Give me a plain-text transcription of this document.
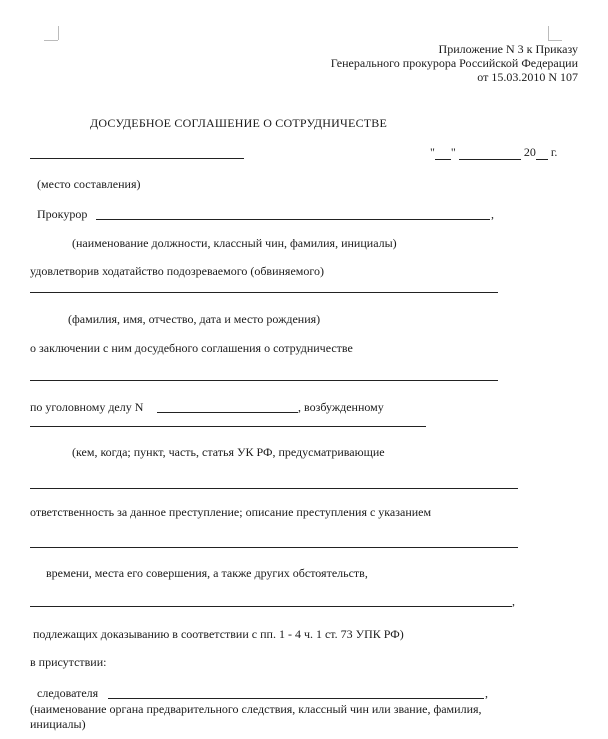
Приложение N 3 к Приказу
Генерального прокурора Российской Федерации
от 15.03.2010 N 107
ДОСУДЕБНОЕ СОГЛАШЕНИЕ О СОТРУДНИЧЕСТВЕ
" "	20 г.
(место составления)
Прокурор	,
(наименование должности, классный чин, фамилия, инициалы)
удовлетворив ходатайство подозреваемого (обвиняемого)
(фамилия, имя, отчество, дата и место рождения)
о заключении с ним досудебного соглашения о сотрудничестве
по уголовному делу N	, возбужденному
(кем, когда; пункт, часть, статья УК РФ, предусматривающие
ответственность за данное преступление; описание преступления с указанием
времени, места его совершения, а также других обстоятельств,
,
подлежащих доказыванию в соответствии с пп. 1 - 4 ч. 1 ст. 73 УПК РФ)
в присутствии:
следователя	,
(наименование органа предварительного следствия, классный чин или звание, фамилия,
инициалы)
